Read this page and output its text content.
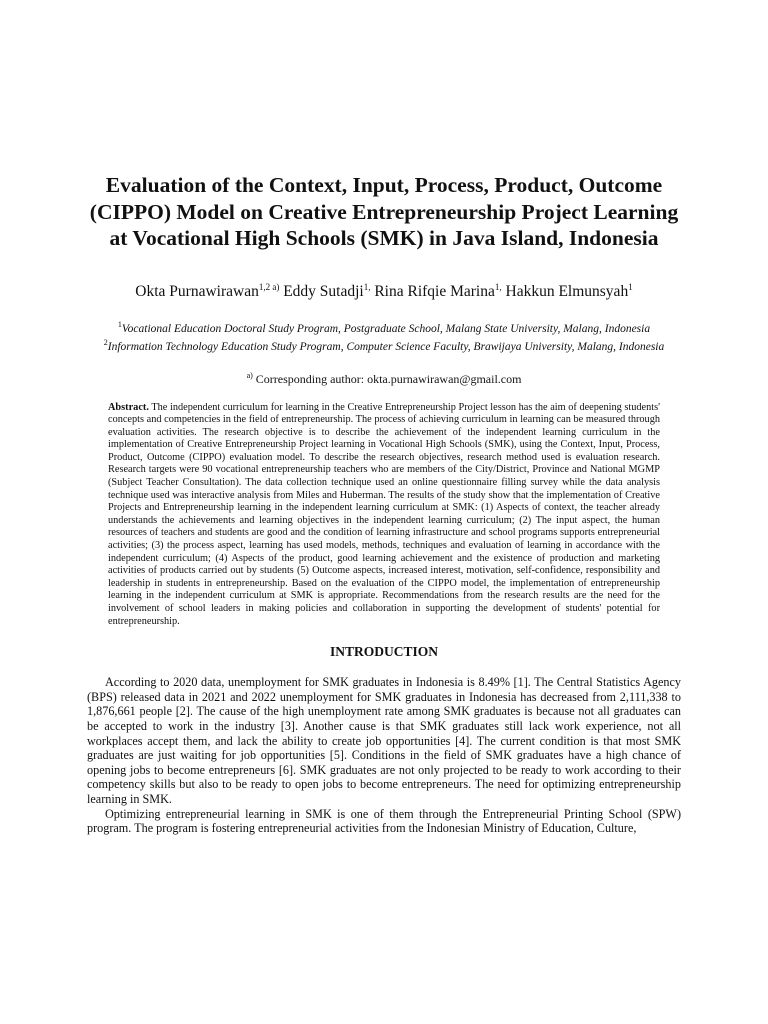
Evaluation of the Context, Input, Process, Product, Outcome (CIPPO) Model on Creative Entrepreneurship Project Learning at Vocational High Schools (SMK) in Java Island, Indonesia
Okta Purnawirawan$^{1,2 a)}$ Eddy Sutadji$^{1,}$ Rina Rifqie Marina$^{1,}$ Hakkun Elmunsyah$^1$
$^1$Vocational Education Doctoral Study Program, Postgraduate School, Malang State University, Malang, Indonesia
$^2$Information Technology Education Study Program, Computer Science Faculty, Brawijaya University, Malang, Indonesia
$^{a)}$ Corresponding author: okta.purnawirawan@gmail.com
Abstract. The independent curriculum for learning in the Creative Entrepreneurship Project lesson has the aim of deepening students' concepts and competencies in the field of entrepreneurship. The process of achieving curriculum in learning can be measured through evaluation activities. The research objective is to describe the achievement of the independent learning curriculum in the implementation of Creative Entrepreneurship Project learning in Vocational High Schools (SMK), using the Context, Input, Process, Product, Outcome (CIPPO) evaluation model. To describe the research objectives, research method used is evaluation research. Research targets were 90 vocational entrepreneurship teachers who are members of the City/District, Province and National MGMP (Subject Teacher Consultation). The data collection technique used an online questionnaire filling survey while the data analysis technique used was interactive analysis from Miles and Huberman. The results of the study show that the implementation of Creative Projects and Entrepreneurship learning in the independent learning curriculum at SMK: (1) Aspects of context, the teacher already understands the achievements and learning objectives in the independent learning curriculum; (2) The input aspect, the human resources of teachers and students are good and the condition of learning infrastructure and school programs supports entrepreneurial activities; (3) the process aspect, learning has used models, methods, techniques and evaluation of learning in accordance with the independent curriculum; (4) Aspects of the product, good learning achievement and the existence of production and marketing activities of products carried out by students (5) Outcome aspects, increased interest, motivation, self-confidence, responsibility and leadership in students in entrepreneurship. Based on the evaluation of the CIPPO model, the implementation of entrepreneurship learning in the independent curriculum at SMK is appropriate. Recommendations from the research results are the need for the involvement of school leaders in making policies and collaboration in supporting the development of students' potential for entrepreneurship.
INTRODUCTION

According to 2020 data, unemployment for SMK graduates in Indonesia is 8.49% [1]. The Central Statistics Agency (BPS) released data in 2021 and 2022 unemployment for SMK graduates in Indonesia has decreased from 2,111,338 to 1,876,661 people [2]. The cause of the high unemployment rate among SMK graduates is because not all graduates can be accepted to work in the industry [3]. Another cause is that SMK graduates still lack work experience, not all workplaces accept them, and lack the ability to create job opportunities [4]. The current condition is that most SMK graduates are just waiting for job opportunities [5]. Conditions in the field of SMK graduates have a high chance of opening jobs to become entrepreneurs [6]. SMK graduates are not only projected to be ready to work according to their competency skills but also to be ready to open jobs to become entrepreneurs. The need for optimizing entrepreneurship learning in SMK.

Optimizing entrepreneurial learning in SMK is one of them through the Entrepreneurial Printing School (SPW) program. The program is fostering entrepreneurial activities from the Indonesian Ministry of Education, Culture,
